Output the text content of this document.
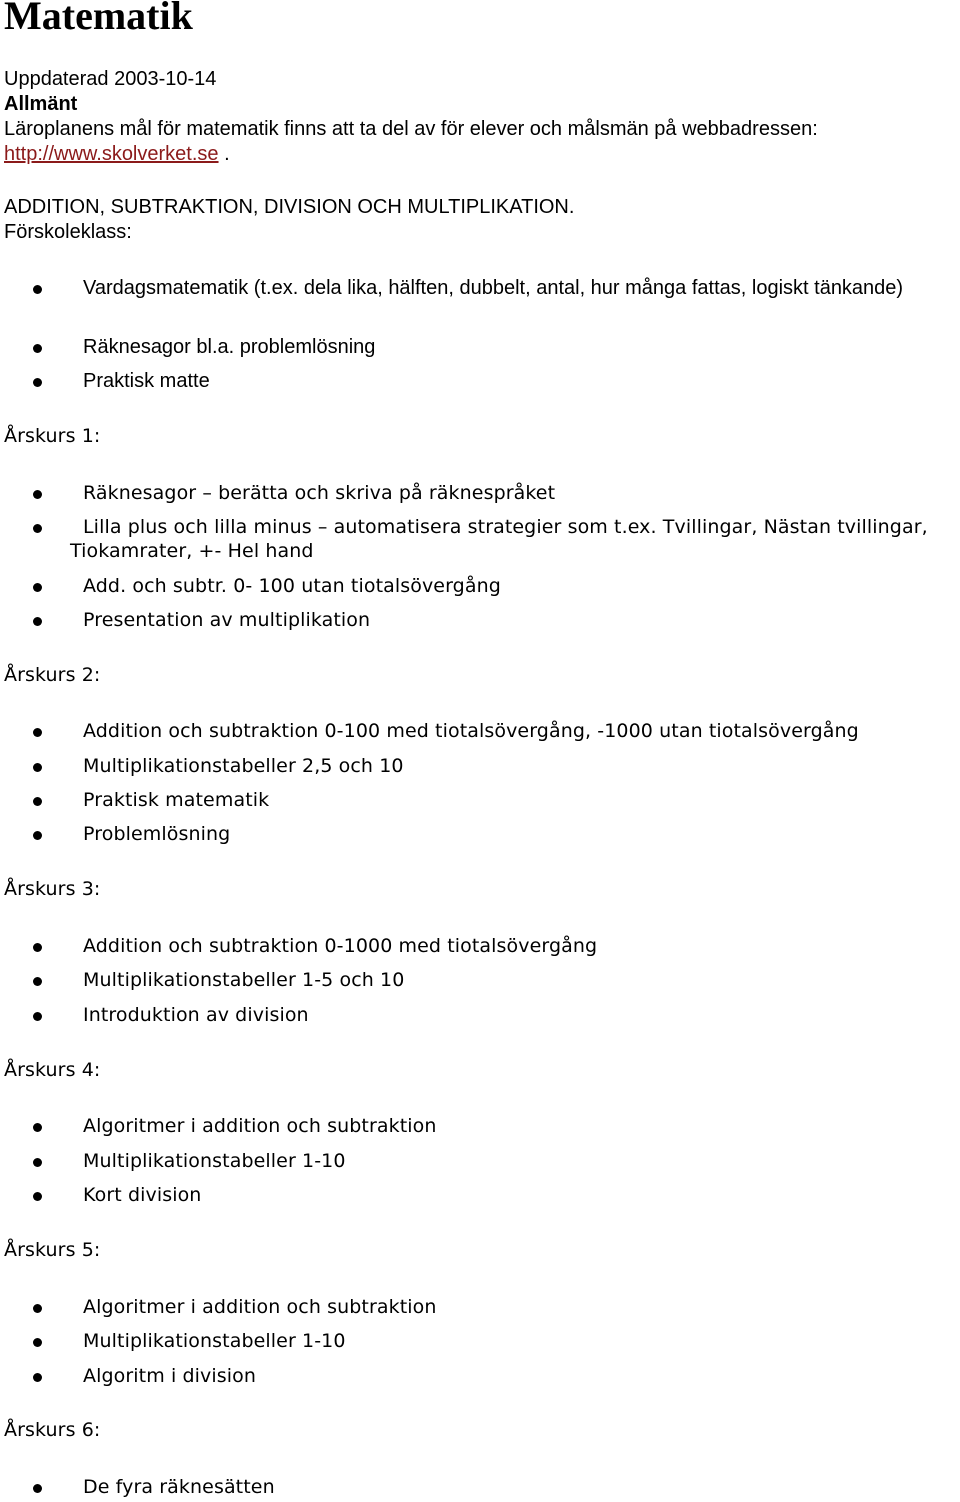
Matematik
Uppdaterad 2003-10-14
Allmänt
Läroplanens mål för matematik finns att ta del av för elever och målsmän på webbadressen:
http://www.skolverket.se .
ADDITION, SUBTRAKTION, DIVISION OCH MULTIPLIKATION.
Förskoleklass:
Vardagsmatematik (t.ex. dela lika, hälften, dubbelt, antal, hur många fattas, logiskt tänkande)
Räknesagor bl.a. problemlösning
Praktisk matte
Årskurs 1:
Räknesagor – berätta och skriva på räknespråket
Lilla plus och lilla minus – automatisera strategier som t.ex. Tvillingar, Nästan tvillingar, Tiokamrater, +- Hel hand
Add. och subtr. 0- 100 utan tiotalsövergång
Presentation av multiplikation
Årskurs 2:
Addition och subtraktion 0-100 med tiotalsövergång, -1000 utan tiotalsövergång
Multiplikationstabeller 2,5 och 10
Praktisk matematik
Problemlösning
Årskurs 3:
Addition och subtraktion 0-1000 med tiotalsövergång
Multiplikationstabeller 1-5 och 10
Introduktion av division
Årskurs 4:
Algoritmer i addition och subtraktion
Multiplikationstabeller 1-10
Kort division
Årskurs 5:
Algoritmer i addition och subtraktion
Multiplikationstabeller 1-10
Algoritm i division
Årskurs 6:
De fyra räknesätten
